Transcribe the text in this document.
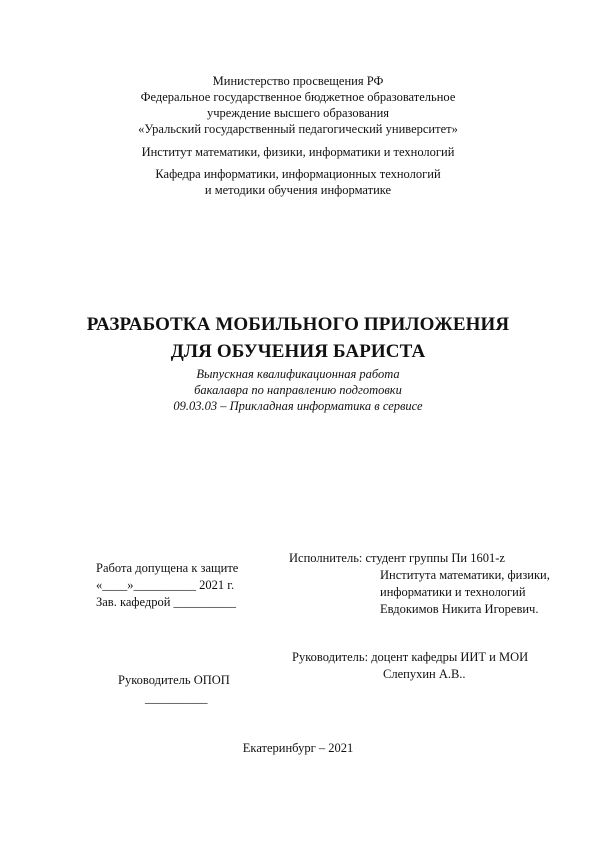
Министерство просвещения РФ
Федеральное государственное бюджетное образовательное
учреждение высшего образования
«Уральский государственный педагогический университет»
Институт математики, физики, информатики и технологий
Кафедра информатики, информационных технологий
и методики обучения информатике
РАЗРАБОТКА МОБИЛЬНОГО ПРИЛОЖЕНИЯ
ДЛЯ ОБУЧЕНИЯ БАРИСТА
Выпускная квалификационная работа
бакалавра по направлению подготовки
09.03.03 – Прикладная информатика в сервисе
Работа допущена к защите
«____»__________ 2021 г.
Зав. кафедрой __________
Исполнитель: студент группы Пи 1601-z
Института математики, физики,
информатики и технологий
Евдокимов Никита Игоревич.
Руководитель: доцент кафедры ИИТ и МОИ
Слепухин А.В..
Руководитель ОПОП
__________
Екатеринбург – 2021
